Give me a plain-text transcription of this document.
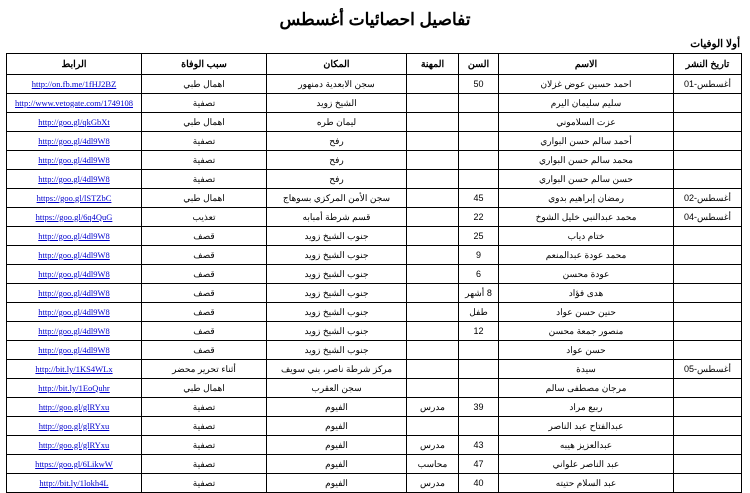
تفاصيل احصائيات أغسطس
أولا الوفيات
تاريخ النشر	الاسم	السن	المهنة	المكان	سبب الوفاة	الرابط
أغسطس-01	احمد حسين عوض غزلان	50		سجن الابعدية دمنهور	اهمال طبي	http://on.fb.me/1fHJ2BZ
	سليم سليمان اليرم			الشيخ زويد	تصفية	http://www.vetogate.com/1749108
	عزت السلاموني			ليمان طره	اهمال طبي	http://goo.gl/qkGbXt
	أحمد سالم حسن البواري			رفح	تصفية	http://goo.gl/4dl9W8
	محمد سالم حسن البواري			رفح	تصفية	http://goo.gl/4dl9W8
	حسن سالم حسن البواري			رفح	تصفية	http://goo.gl/4dl9W8
أغسطس-02	رمضان إبراهيم بدوي	45		سجن الأمن المركزي بسوهاج	اهمال طبي	https://goo.gl/lSTZbC
أغسطس-04	محمد عبدالنبي خليل الشوخ	22		قسم شرطة أمبابه	تعذيب	https://goo.gl/6q4QuG
	ختام دياب	25		جنوب الشيخ زويد	قصف	http://goo.gl/4dl9W8
	محمد عودة عبدالمنعم	9		جنوب الشيخ زويد	قصف	http://goo.gl/4dl9W8
	عودة محسن	6		جنوب الشيخ زويد	قصف	http://goo.gl/4dl9W8
	هدى فؤاد	8 أشهر		جنوب الشيخ زويد	قصف	http://goo.gl/4dl9W8
	حنين حسن عواد	طفل		جنوب الشيخ زويد	قصف	http://goo.gl/4dl9W8
	منصور جمعة محسن	12		جنوب الشيخ زويد	قصف	http://goo.gl/4dl9W8
	حسن عواد			جنوب الشيخ زويد	قصف	http://goo.gl/4dl9W8
أغسطس-05	سيدة			مركز شرطة ناصر، بني سويف	أثناء تحرير محضر	http://bit.ly/1KS4WLx
	مرجان مصطفى سالم			سجن العقرب	اهمال طبي	http://bit.ly/1EoQuhr
	ربيع مراد	39	مدرس	الفيوم	تصفية	http://goo.gl/glRYxu
	عبدالفتاح عبد الناصر			الفيوم	تصفية	http://goo.gl/glRYxu
	عبدالعزيز هيبه	43	مدرس	الفيوم	تصفية	http://goo.gl/glRYxu
	عبد الناصر علواني	47	محاسب	الفيوم	تصفية	https://goo.gl/6LikwW
	عبد السلام حتيته	40	مدرس	الفيوم	تصفية	http://bit.ly/1lokh4L
